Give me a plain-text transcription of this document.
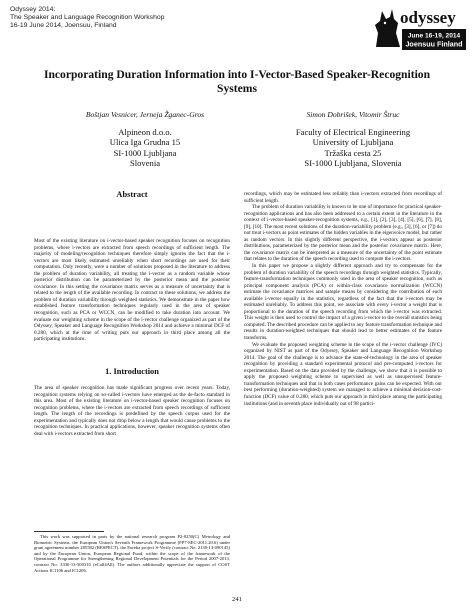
Odyssey 2014:
The Speaker and Language Recognition Workshop
16-19 June 2014, Joensuu, Finland	odyssey
June 16-19, 2014
Joensuu Finland
Incorporating Duration Information into I-Vector-Based Speaker-Recognition
Systems
Boštjan Vesnicer, Jerneja Žganec-Gros	Simon Dobrišek, Vitomir Štruc
Alpineon d.o.o.
Ulica Iga Grudna 15
SI-1000 Ljubljana
Slovenia
Faculty of Electrical Engineering
University of Ljubljana
Tržaška cesta 25
SI-1000 Ljubljana, Slovenia
Abstract

Most of the existing literature on i-vector-based speaker recognition focuses on recognition problems, where i-vectors are extracted from speech recordings of sufficient length. The majority of modeling/recognition techniques therefore simply ignores the fact that the i-vectors are most likely estimated unreliably when short recordings are used for their computation. Only recently, were a number of solutions proposed in the literature to address the problem of duration variability, all treating the i-vector as a random variable whose posterior distribution can be parameterized by the posterior mean and the posterior covariance. In this setting the covariance matrix serves as a measure of uncertainty that is related to the length of the available recording. In contract to these solutions, we address the problem of duration variability through weighted statistics. We demonstrate in the paper how established feature transformation techniques regularly used in the area of speaker recognition, such as PCA or WCCN, can be modified to take duration into account. We evaluate our weighting scheme in the scope of the i-vector challenge organized as part of the Odyssey, Speaker and Language Recognition Workshop 2014 and achieve a minimal DCF of 0.280, which at the time of writing puts our approach in third place among all the participating institutions.

1. Introduction

The area of speaker recognition has made significant progress over recent years. Today, recognition systems relying on so-called i-vectors have emerged as the de-facto standard in this area. Most of the existing literature on i-vector-based speaker recognition focuses on recognition problems, where the i-vectors are extracted from speech recordings of sufficient length. The length of the recordings is predefined by the speech corpus used for the experimentation and typically does not drop below a length that would cause problems to the recognition techniques. In practical applications, however, speaker recognition systems often deal with i-vectors extracted from short

This work was supported in parts by the national research program P2-0250(C) Metrology and Biometric Systems, the European Union's Seventh Framework Programme (FP7-SEC-2011.20.6) under grant agreement number 285582 (RESPECT), the Eureka project S-Verify (contract No. 2130-13-090145) and by the European Union, European Regional Fund, within the scope of the framework of the Operational Programme for Strengthening Regional Development Potentials for the Period 2007-2013, contract No. 3330-13-500310 (eCall4All). The authors additionally appreciate the support of COST Actions IC1106 and IC1206.

recordings, which may be estimated less reliably than i-vectors extracted from recordings of sufficient length.

The problem of duration variability is known to be one of importance for practical speaker-recognition applications and has also been addressed to a certain extent in the literature in the context of i-vector-based speaker-recognition systems, e.g., [1], [2], [3], [4], [5], [6], [7], [8], [9], [10]. The most recent solutions of the duration-variability problem (e.g., [3], [6], or [7]) do not treat i-vectors as point estimates of the hidden variables in the eigenvoice model, but rather as random vectors. In this slightly different perspective, the i-vectors appear as posterior distributions, parameterized by the posterior mean and the posterior covariance matrix. Here, the covariance matrix can be interpreted as a measure of the uncertainty of the point estimate that relates to the duration of the speech recording used to compute the i-vectors.

In this paper we propose a slightly different approach and try to compensate for the problem of duration variability of the speech recordings through weighted statistics. Typically, feature-transformation techniques commonly used in the area of speaker recognition, such as principal component analysis (PCA) or within-class covariance normalization (WCCN) estimate the covariance matrices and sample means by considering the contribution of each available i-vector equally in the statistics, regardless of the fact that the i-vectors may be estimated unreliably. To address this point, we associate with every i-vector a weight that is proportional to the duration of the speech recording from which the i-vector was extracted. This weight is then used to control the impact of a given i-vector to the overall statistics being computed. The described procedure can be applied to any feature transformation technique and results in duration-weighted techniques that should lead to better estimates of the feature transforms.

We evaluate the proposed weighting scheme in the scope of the i-vector challenge (IVC) organized by NIST as part of the Odyssey, Speaker and Language Recognition Workshop 2014. The goal of the challenge is to advance the state-of-technology in the area of speaker recognition by providing a standard experimental protocol and pre-computed i-vectors for experimentation. Based on the data provided by the challenge, we show that it is possible to apply the proposed weighting scheme to supervised as well as unsupervised feature-transformation techniques and that in both cases performance gains can be expected. With our best performing (duration-weighted) system we managed to achieve a minimal decision-cost-function (DCF) value of 0.280, which puts our approach in third place among the participating institutions (and in seventh place individually out of 98 partici-

241
